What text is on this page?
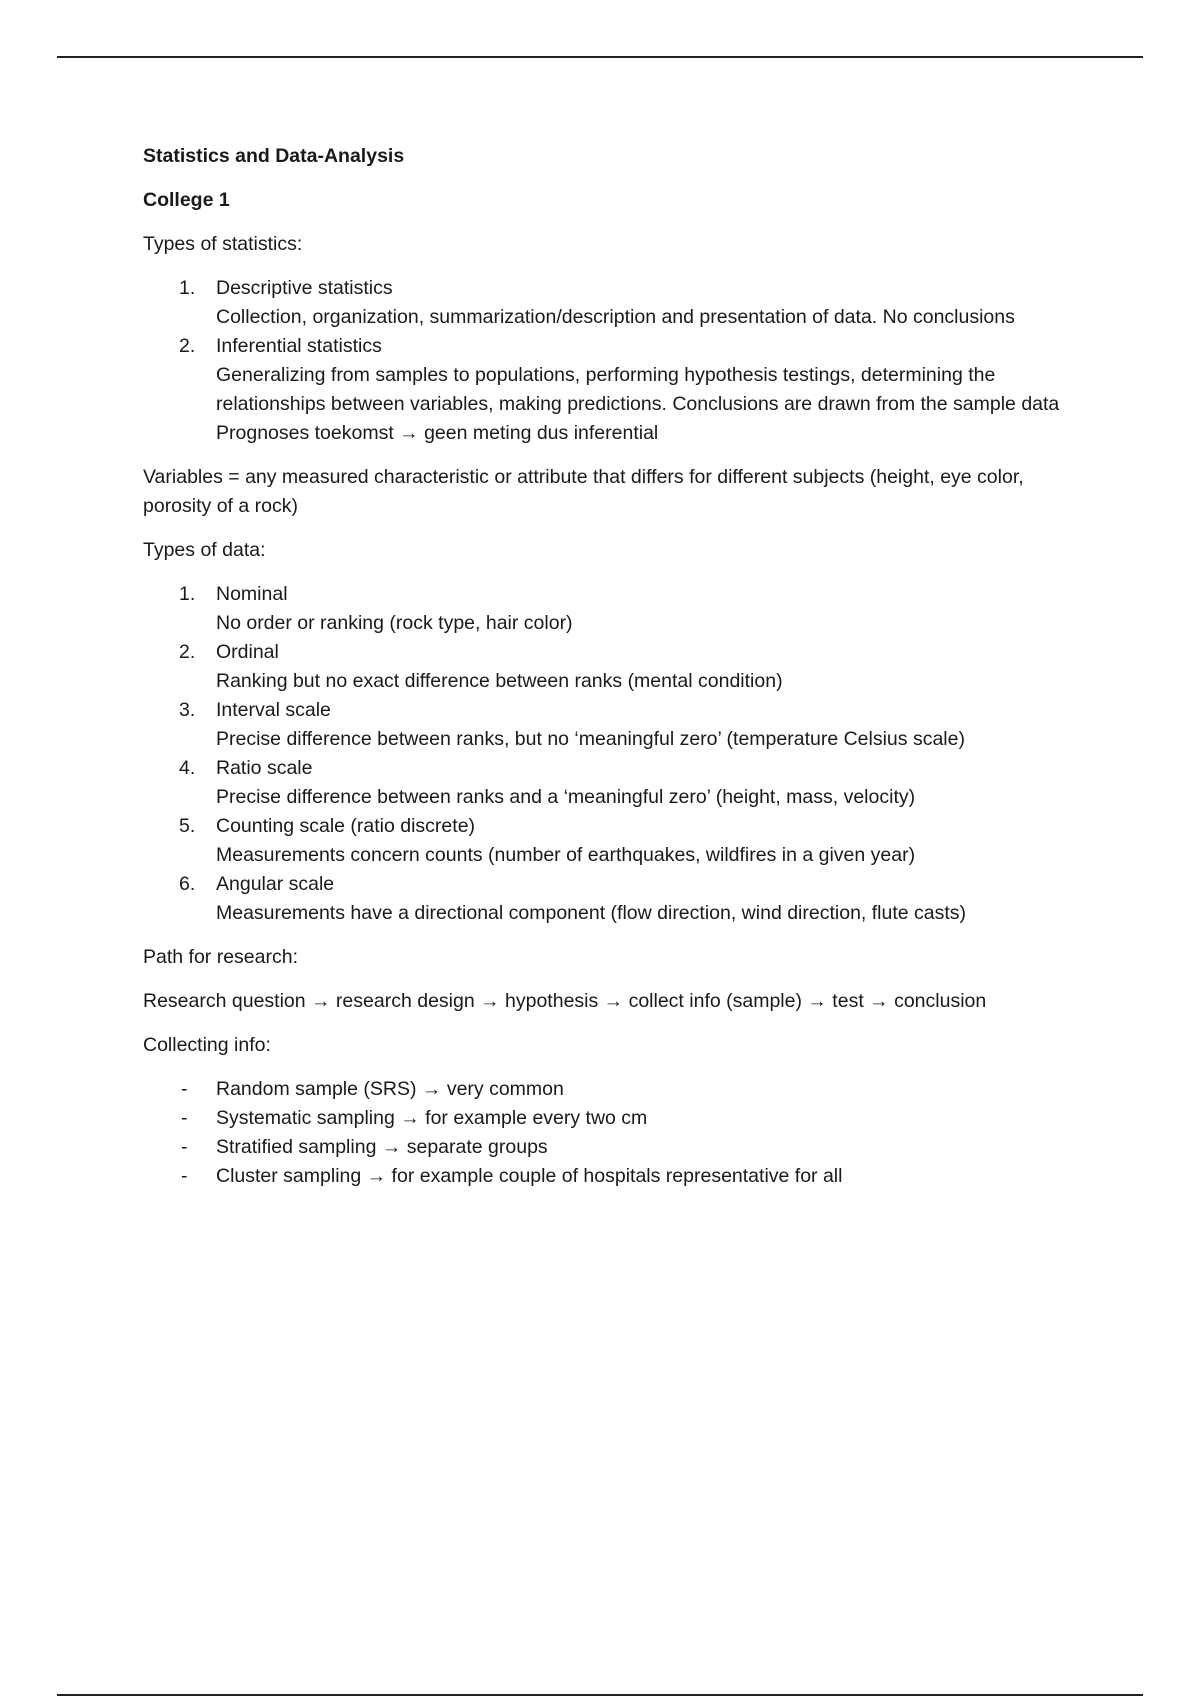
Statistics and Data-Analysis

College 1

Types of statistics:

1.	Descriptive statistics
Collection, organization, summarization/description and presentation of data. No conclusions
2.	Inferential statistics
Generalizing from samples to populations, performing hypothesis testings, determining the relationships between variables, making predictions. Conclusions are drawn from the sample data
Prognoses toekomst → geen meting dus inferential

Variables = any measured characteristic or attribute that differs for different subjects (height, eye color, porosity of a rock)

Types of data:

1.	Nominal
No order or ranking (rock type, hair color)
2.	Ordinal
Ranking but no exact difference between ranks (mental condition)
3.	Interval scale
Precise difference between ranks, but no ‘meaningful zero’ (temperature Celsius scale)
4.	Ratio scale
Precise difference between ranks and a ‘meaningful zero’ (height, mass, velocity)
5.	Counting scale (ratio discrete)
Measurements concern counts (number of earthquakes, wildfires in a given year)
6.	Angular scale
Measurements have a directional component (flow direction, wind direction, flute casts)

Path for research:

Research question → research design → hypothesis → collect info (sample) → test → conclusion

Collecting info:

-	Random sample (SRS) → very common
-	Systematic sampling → for example every two cm
-	Stratified sampling → separate groups
-	Cluster sampling → for example couple of hospitals representative for all
